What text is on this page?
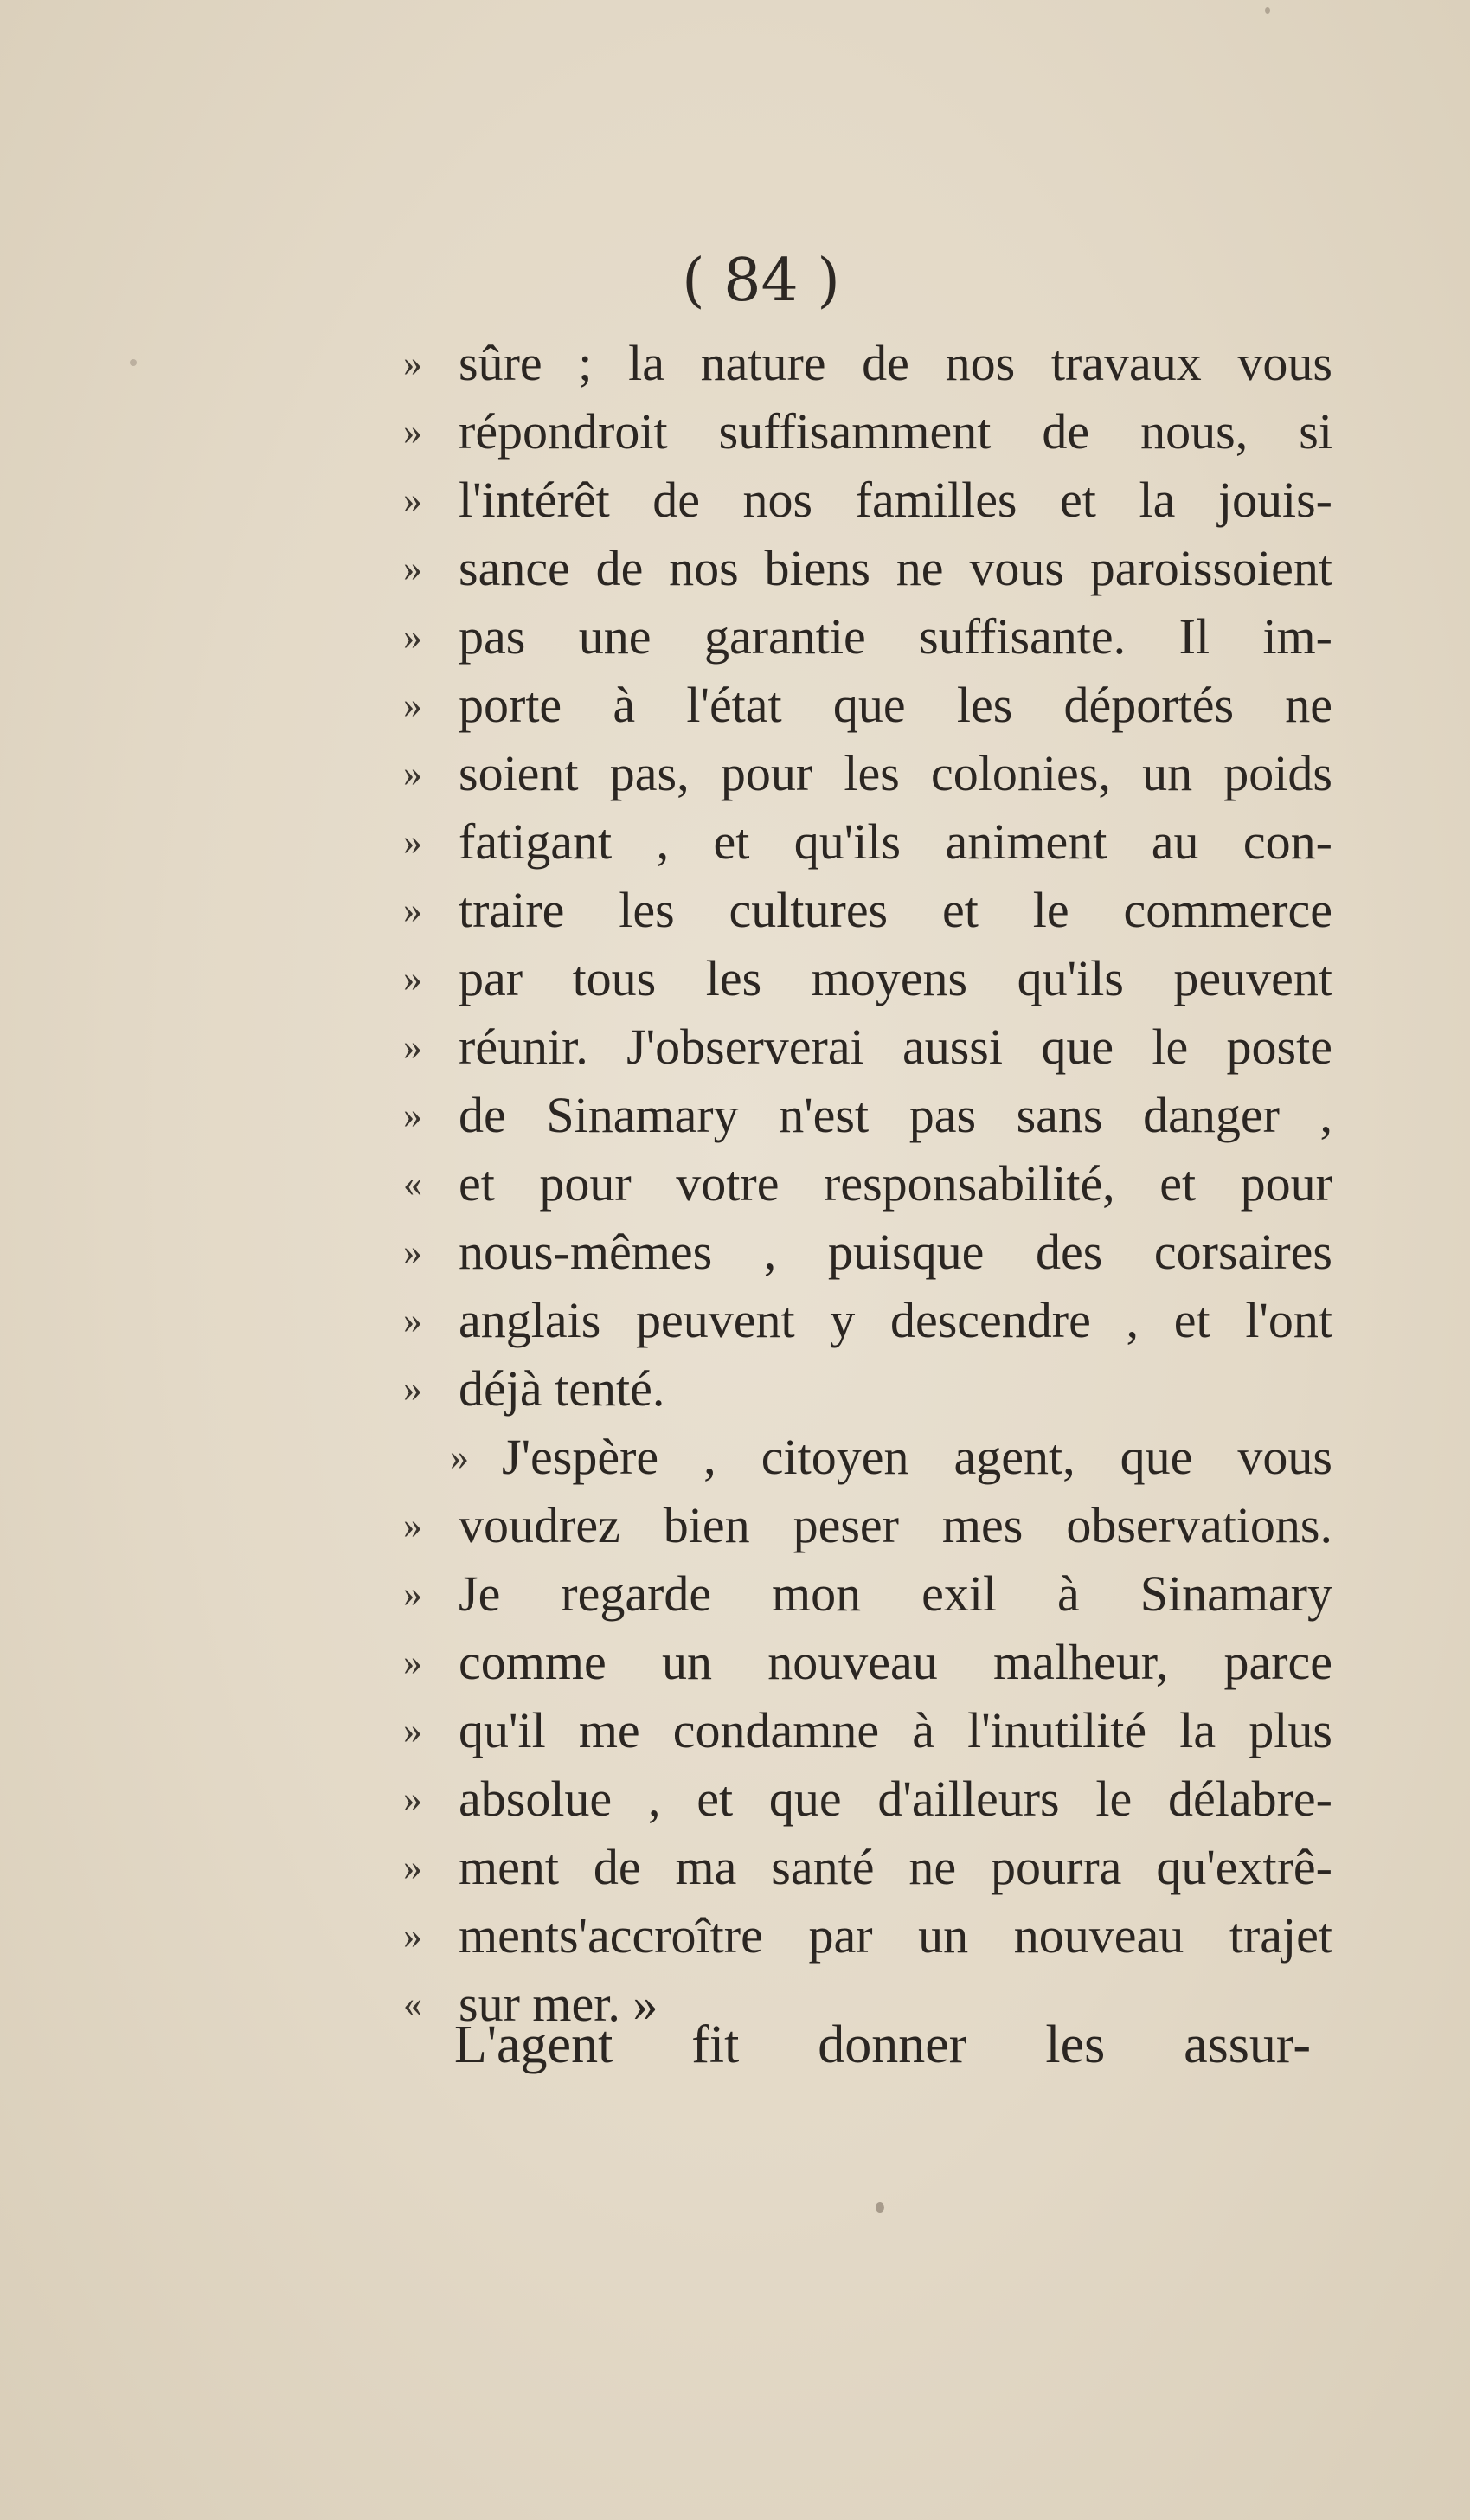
( 84 )
» sûre ; la nature de nos travaux vous
» répondroit suffisamment de nous, si
» l'intérêt de nos familles et la jouis-
» sance de nos biens ne vous paroissoient
» pas une garantie suffisante. Il im-
» porte à l'état que les déportés ne
» soient pas, pour les colonies, un poids
» fatigant , et qu'ils animent au con-
» traire les cultures et le commerce
» par tous les moyens qu'ils peuvent
» réunir. J'observerai aussi que le poste
» de Sinamary n'est pas sans danger ,
« et pour votre responsabilité, et pour
» nous-mêmes , puisque des corsaires
» anglais peuvent y descendre , et l'ont
» déjà tenté.
» J'espère , citoyen agent, que vous
» voudrez bien peser mes observations.
» Je regarde mon exil à Sinamary
» comme un nouveau malheur, parce
» qu'il me condamne à l'inutilité la plus
» absolue , et que d'ailleurs le délabre-
» ment de ma santé ne pourra qu'extrê-
» ments'accroître par un nouveau trajet
« sur mer. »
L'agent fit donner les assur-
